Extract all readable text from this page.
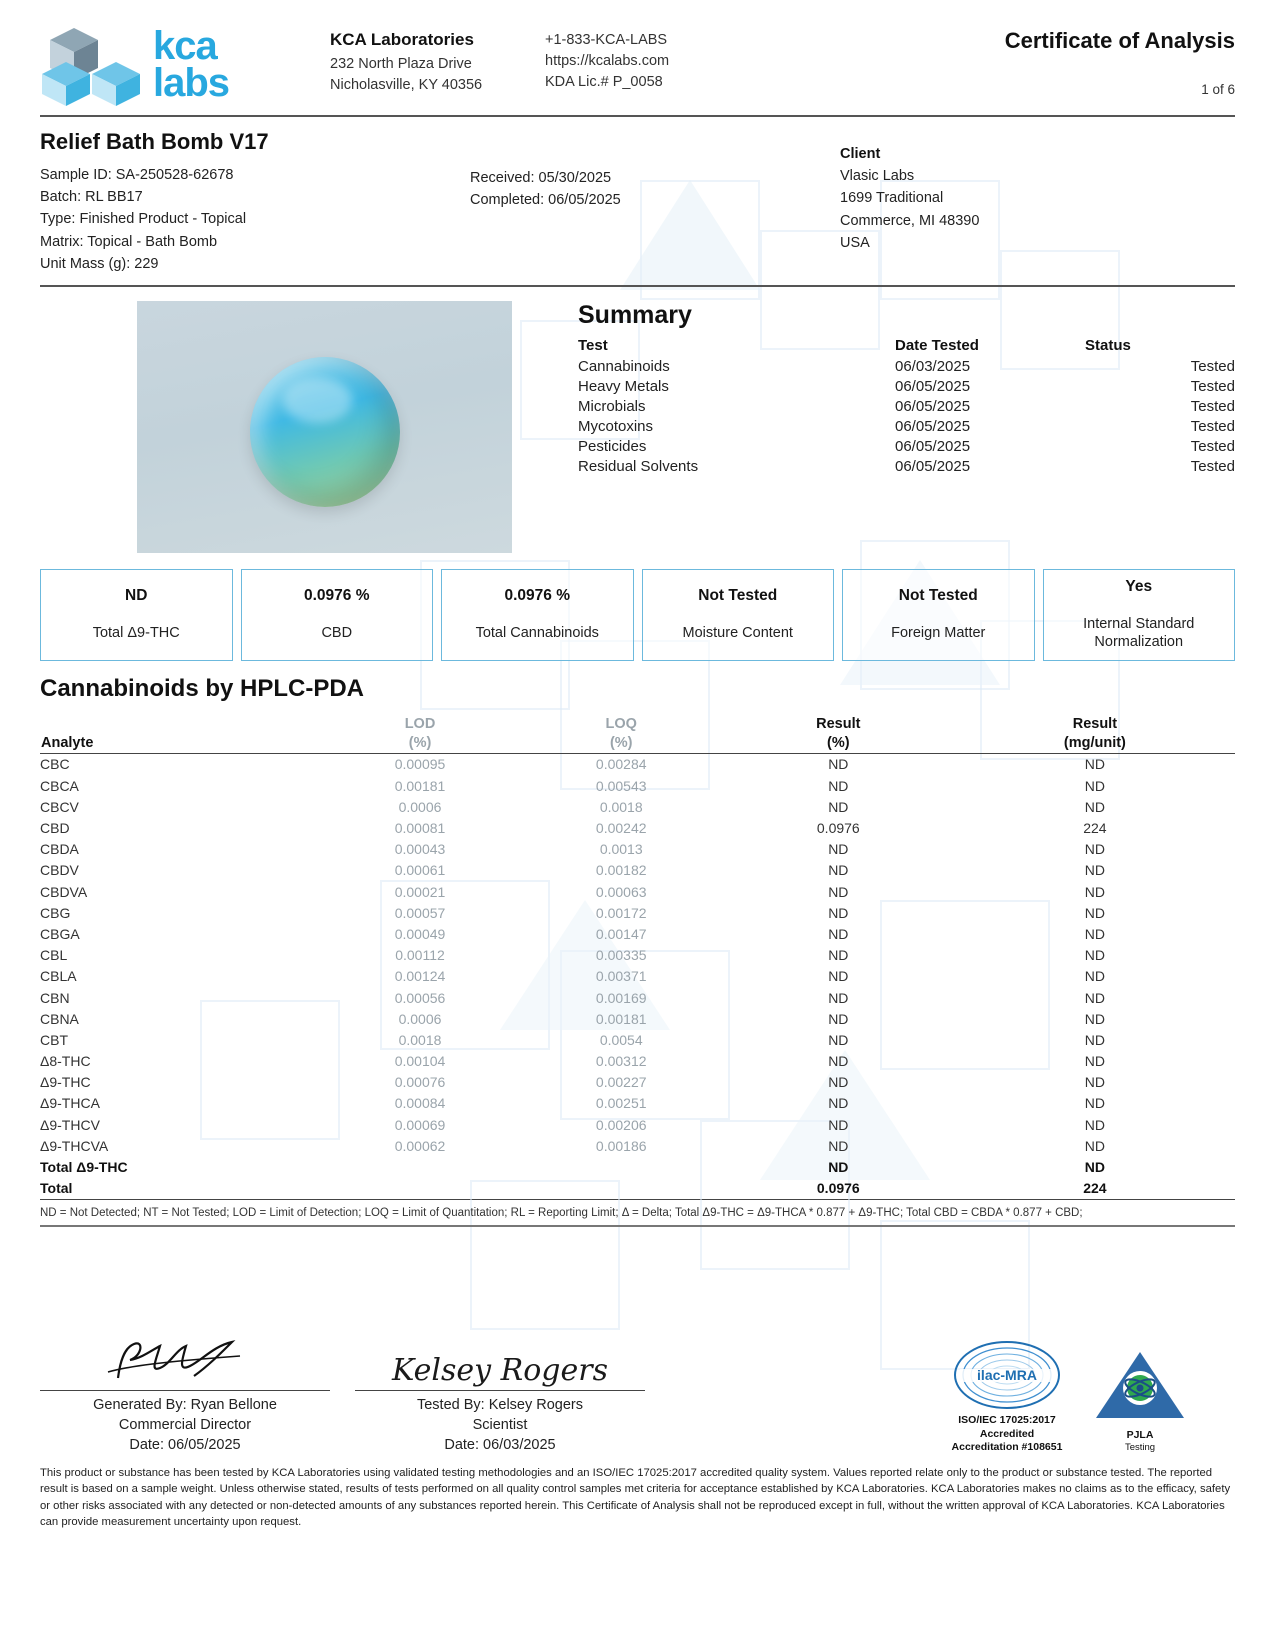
kca
labs
KCA Laboratories
232 North Plaza Drive
Nicholasville, KY 40356
+1-833-KCA-LABS
https://kcalabs.com
KDA Lic.# P_0058
Certificate of Analysis
1 of 6
Relief Bath Bomb V17
Sample ID: SA-250528-62678
Batch: RL BB17
Type: Finished Product - Topical
Matrix: Topical - Bath Bomb
Unit Mass (g): 229
Received: 05/30/2025
Completed: 06/05/2025
Client
Vlasic Labs
1699 Traditional
Commerce, MI 48390
USA
Summary
Test	Date Tested	Status
Cannabinoids	06/03/2025	Tested
Heavy Metals	06/05/2025	Tested
Microbials	06/05/2025	Tested
Mycotoxins	06/05/2025	Tested
Pesticides	06/05/2025	Tested
Residual Solvents	06/05/2025	Tested
ND
Total Δ9-THC
0.0976 %
CBD
0.0976 %
Total Cannabinoids
Not Tested
Moisture Content
Not Tested
Foreign Matter
Yes
Internal Standard Normalization
Cannabinoids by HPLC-PDA
	LOD	LOQ	Result	Result
Analyte	(%)	(%)	(%)	(mg/unit)
CBC	0.00095	0.00284	ND	ND
CBCA	0.00181	0.00543	ND	ND
CBCV	0.0006	0.0018	ND	ND
CBD	0.00081	0.00242	0.0976	224
CBDA	0.00043	0.0013	ND	ND
CBDV	0.00061	0.00182	ND	ND
CBDVA	0.00021	0.00063	ND	ND
CBG	0.00057	0.00172	ND	ND
CBGA	0.00049	0.00147	ND	ND
CBL	0.00112	0.00335	ND	ND
CBLA	0.00124	0.00371	ND	ND
CBN	0.00056	0.00169	ND	ND
CBNA	0.0006	0.00181	ND	ND
CBT	0.0018	0.0054	ND	ND
Δ8-THC	0.00104	0.00312	ND	ND
Δ9-THC	0.00076	0.00227	ND	ND
Δ9-THCA	0.00084	0.00251	ND	ND
Δ9-THCV	0.00069	0.00206	ND	ND
Δ9-THCVA	0.00062	0.00186	ND	ND
Total Δ9-THC			ND	ND
Total			0.0976	224
ND = Not Detected; NT = Not Tested; LOD = Limit of Detection; LOQ = Limit of Quantitation; RL = Reporting Limit; Δ = Delta; Total Δ9-THC = Δ9-THCA * 0.877 + Δ9-THC; Total CBD = CBDA * 0.877 + CBD;
Generated By: Ryan Bellone
Commercial Director
Date: 06/05/2025
Kelsey Rogers
Tested By: Kelsey Rogers
Scientist
Date: 06/03/2025
ilac-MRA
ISO/IEC 17025:2017 Accredited
Accreditation #108651
PJLA
Testing
This product or substance has been tested by KCA Laboratories using validated testing methodologies and an ISO/IEC 17025:2017 accredited quality system. Values reported relate only to the product or substance tested. The reported result is based on a sample weight. Unless otherwise stated, results of tests performed on all quality control samples met criteria for acceptance established by KCA Laboratories. KCA Laboratories makes no claims as to the efficacy, safety or other risks associated with any detected or non-detected amounts of any substances reported herein. This Certificate of Analysis shall not be reproduced except in full, without the written approval of KCA Laboratories. KCA Laboratories can provide measurement uncertainty upon request.
